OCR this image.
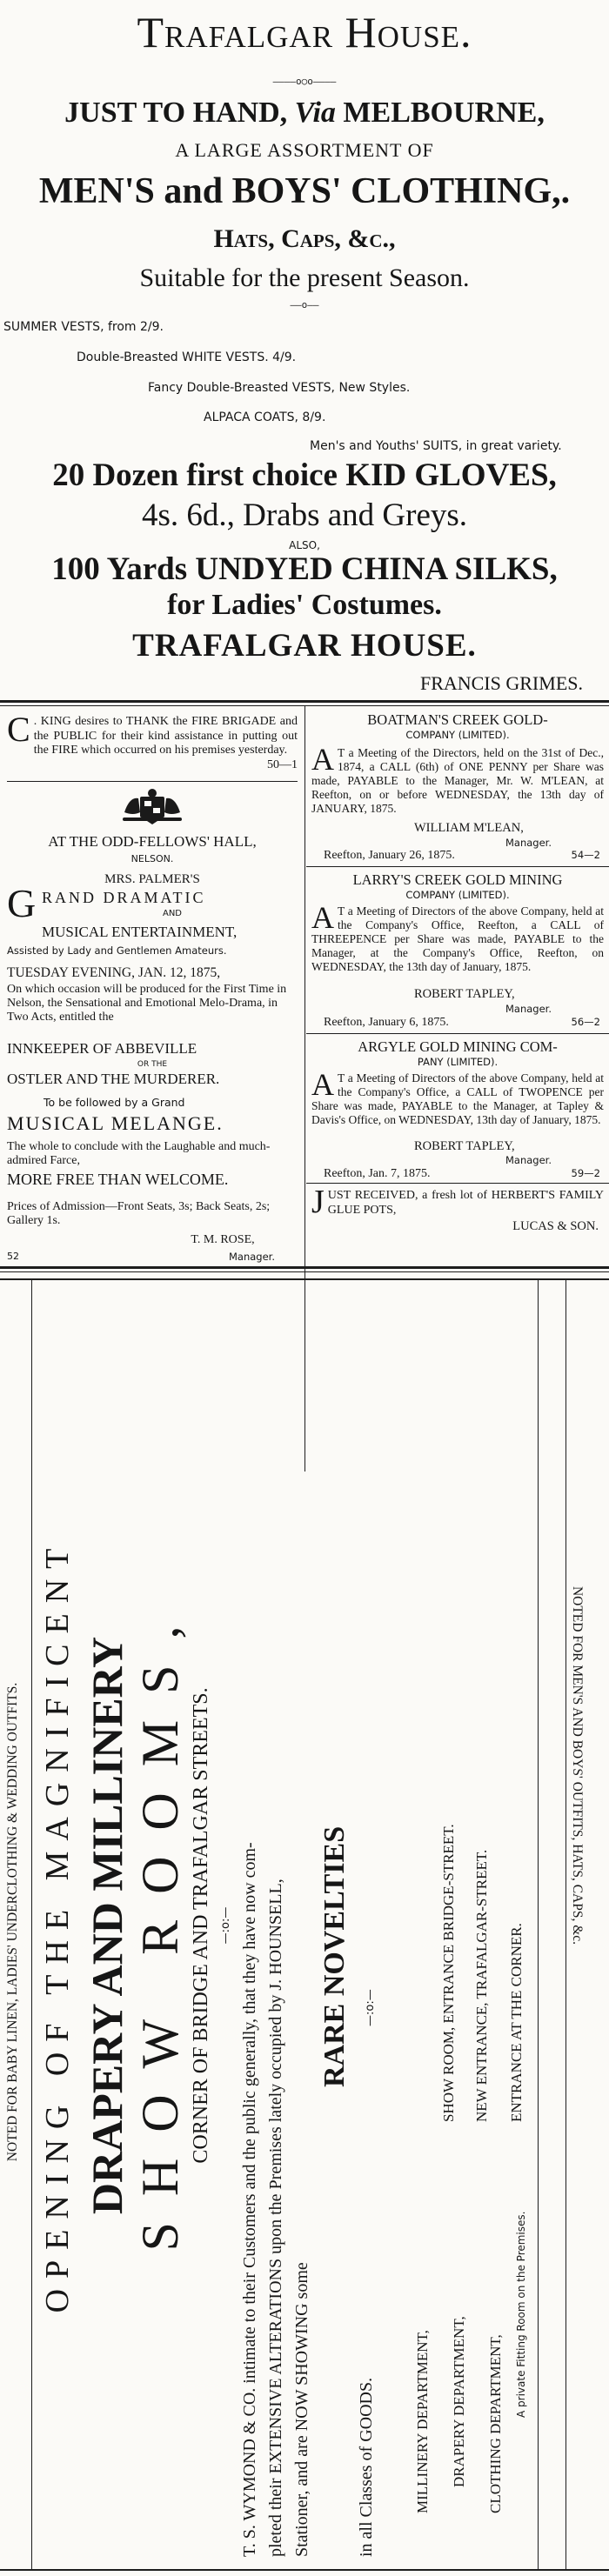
Trafalgar House.
————o○o————
JUST TO HAND, Via MELBOURNE,
A LARGE ASSORTMENT OF
MEN'S and BOYS' CLOTHING,.
Hats, Caps, &c.,
Suitable for the present Season.
——o——
SUMMER VESTS, from 2/9.
Double-Breasted WHITE VESTS. 4/9.
Fancy Double-Breasted VESTS, New Styles.
ALPACA COATS, 8/9.
Men's and Youths' SUITS, in great variety.
20 Dozen first choice KID GLOVES,
4s. 6d., Drabs and Greys.
ALSO,
100 Yards UNDYED CHINA SILKS,
for Ladies' Costumes.
TRAFALGAR HOUSE.
FRANCIS GRIMES.
C . KING desires to THANK the FIRE BRIGADE and the PUBLIC for their kind assistance in putting out the FIRE which occurred on his premises yesterday.
50—1
AT THE ODD-FELLOWS' HALL,
NELSON.
MRS. PALMER'S
G RAND DRAMATIC
AND
MUSICAL ENTERTAINMENT,
Assisted by Lady and Gentlemen Amateurs.
TUESDAY EVENING, JAN. 12, 1875,
On which occasion will be produced for the First Time in Nelson, the Sensational and Emotional Melo-Drama, in Two Acts, entitled the
INNKEEPER OF ABBEVILLE
OR THE
OSTLER AND THE MURDERER.
To be followed by a Grand
MUSICAL MELANGE.
The whole to conclude with the Laughable and much-admired Farce,
MORE FREE THAN WELCOME.
Prices of Admission—Front Seats, 3s; Back Seats, 2s; Gallery 1s.
T. M. ROSE,
52	Manager.
BOATMAN'S CREEK GOLD-
COMPANY (LIMITED).
A T a Meeting of the Directors, held on the 31st of Dec., 1874, a CALL (6th) of ONE PENNY per Share was made, PAYABLE to the Manager, Mr. W. M'LEAN, at Reefton, on or before WEDNESDAY, the 13th day of JANUARY, 1875.
WILLIAM M'LEAN,
Manager.
Reefton, January 26, 1875.	54—2
LARRY'S CREEK GOLD MINING
COMPANY (LIMITED).
A T a Meeting of Directors of the above Company, held at the Company's Office, Reefton, a CALL of THREEPENCE per Share was made, PAYABLE to the Manager, at the Company's Office, Reefton, on WEDNESDAY, the 13th day of January, 1875.
ROBERT TAPLEY,
Manager.
Reefton, January 6, 1875.	56—2
ARGYLE GOLD MINING COM-
PANY (LIMITED).
A T a Meeting of Directors of the above Company, held at the Company's Office, a CALL of TWOPENCE per Share was made, PAYABLE to the Manager, at Tapley & Davis's Office, on WEDNESDAY, 13th day of January, 1875.
ROBERT TAPLEY,
Manager.
Reefton, Jan. 7, 1875.	59—2
JUST RECEIVED, a fresh lot of HERBERT'S FAMILY GLUE POTS,
LUCAS & SON.
NOTED FOR BABY LINEN, LADIES' UNDERCLOTHING & WEDDING OUTFITS. OPENING OF THE MAGNIFICENT DRAPERY AND MILLINERY SHOW ROOMS, CORNER OF BRIDGE AND TRAFALGAR STREETS. —:o:— T. S. WYMOND & CO. intimate to their Customers and the public generally, that they have now com- pleted their EXTENSIVE ALTERATIONS upon the Premises lately occupied by J. HOUNSELL, Stationer, and are NOW SHOWING some
RARE NOVELTIES
in all Classes of GOODS.
—:o:—
MILLINERY DEPARTMENT,
SHOW ROOM, ENTRANCE BRIDGE-STREET.
DRAPERY DEPARTMENT,
NEW ENTRANCE, TRAFALGAR-STREET.
CLOTHING DEPARTMENT,
ENTRANCE AT THE CORNER.
A private Fitting Room on the Premises.
NOTED FOR MEN'S AND BOYS' OUTFITS, HATS, CAPS, &c.
